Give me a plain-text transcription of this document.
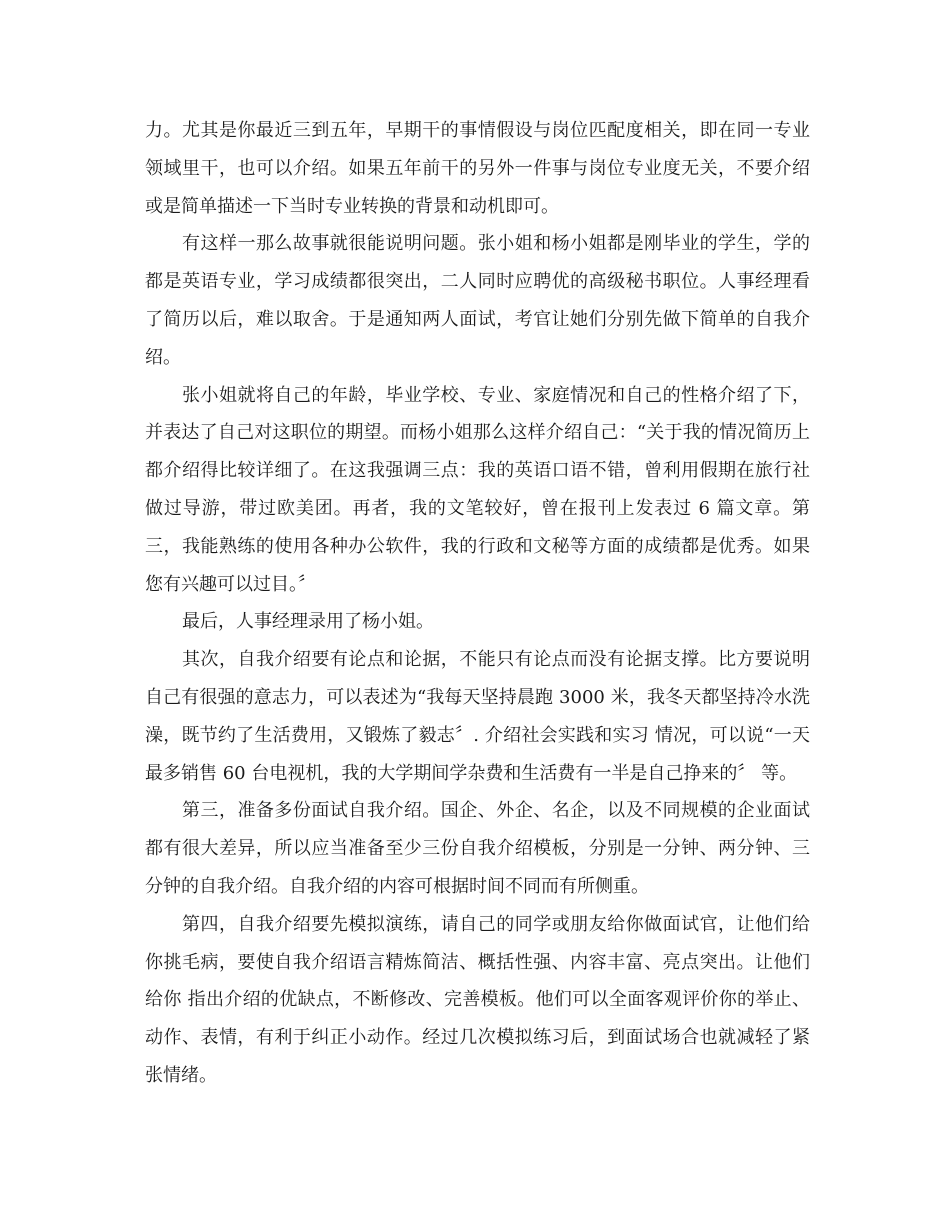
力。尤其是你最近三到五年，早期干的事情假设与岗位匹配度相关，即在同一专业领域里干，也可以介绍。如果五年前干的另外一件事与岗位专业度无关，不要介绍或是简单描述一下当时专业转换的背景和动机即可。

有这样一那么故事就很能说明问题。张小姐和杨小姐都是刚毕业的学生，学的都是英语专业，学习成绩都很突出，二人同时应聘优的高级秘书职位。人事经理看了简历以后，难以取舍。于是通知两人面试，考官让她们分别先做下简单的自我介绍。

张小姐就将自己的年龄，毕业学校、专业、家庭情况和自己的性格介绍了下，并表达了自己对这职位的期望。而杨小姐那么这样介绍自己：“关于我的情况简历上都介绍得比较详细了。在这我强调三点：我的英语口语不错，曾利用假期在旅行社做过导游，带过欧美团。再者，我的文笔较好，曾在报刊上发表过 6 篇文章。第三，我能熟练的使用各种办公软件，我的行政和文秘等方面的成绩都是优秀。如果您有兴趣可以过目。〞

最后，人事经理录用了杨小姐。

其次，自我介绍要有论点和论据，不能只有论点而没有论据支撑。比方要说明自己有很强的意志力，可以表述为“我每天坚持晨跑 3000 米，我冬天都坚持冷水洗澡，既节约了生活费用，又锻炼了毅志〞. 介绍社会实践和实习 情况，可以说“一天最多销售 60 台电视机，我的大学期间学杂费和生活费有一半是自己挣来的〞 等。

第三，准备多份面试自我介绍。国企、外企、名企，以及不同规模的企业面试都有很大差异，所以应当准备至少三份自我介绍模板，分别是一分钟、两分钟、三分钟的自我介绍。自我介绍的内容可根据时间不同而有所侧重。

第四，自我介绍要先模拟演练，请自己的同学或朋友给你做面试官，让他们给你挑毛病，要使自我介绍语言精炼简洁、概括性强、内容丰富、亮点突出。让他们给你 指出介绍的优缺点，不断修改、完善模板。他们可以全面客观评价你的举止、动作、表情，有利于纠正小动作。经过几次模拟练习后，到面试场合也就减轻了紧张情绪。
